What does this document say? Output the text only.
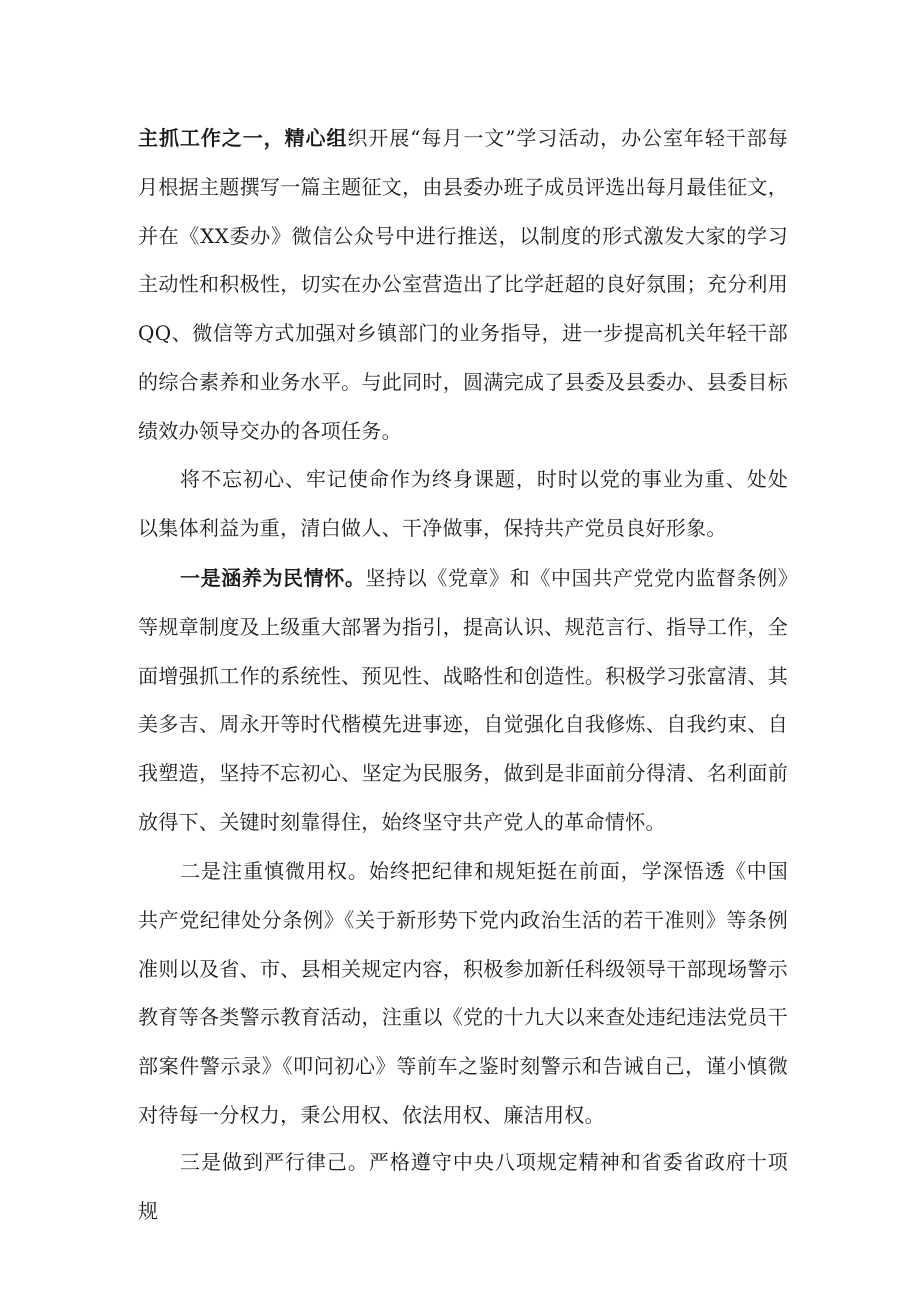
主抓工作之一，精心组织开展“每月一文”学习活动，办公室年轻干部每月根据主题撰写一篇主题征文，由县委办班子成员评选出每月最佳征文，并在《XX委办》微信公众号中进行推送，以制度的形式激发大家的学习主动性和积极性，切实在办公室营造出了比学赶超的良好氛围；充分利用QQ、微信等方式加强对乡镇部门的业务指导，进一步提高机关年轻干部的综合素养和业务水平。与此同时，圆满完成了县委及县委办、县委目标绩效办领导交办的各项任务。

将不忘初心、牢记使命作为终身课题，时时以党的事业为重、处处以集体利益为重，清白做人、干净做事，保持共产党员良好形象。

一是涵养为民情怀。坚持以《党章》和《中国共产党党内监督条例》等规章制度及上级重大部署为指引，提高认识、规范言行、指导工作，全面增强抓工作的系统性、预见性、战略性和创造性。积极学习张富清、其美多吉、周永开等时代楷模先进事迹，自觉强化自我修炼、自我约束、自我塑造，坚持不忘初心、坚定为民服务，做到是非面前分得清、名利面前放得下、关键时刻靠得住，始终坚守共产党人的革命情怀。

二是注重慎微用权。始终把纪律和规矩挺在前面，学深悟透《中国共产党纪律处分条例》《关于新形势下党内政治生活的若干准则》等条例准则以及省、市、县相关规定内容，积极参加新任科级领导干部现场警示教育等各类警示教育活动，注重以《党的十九大以来查处违纪违法党员干部案件警示录》《叩问初心》等前车之鉴时刻警示和告诫自己，谨小慎微对待每一分权力，秉公用权、依法用权、廉洁用权。

三是做到严行律己。严格遵守中央八项规定精神和省委省政府十项规
